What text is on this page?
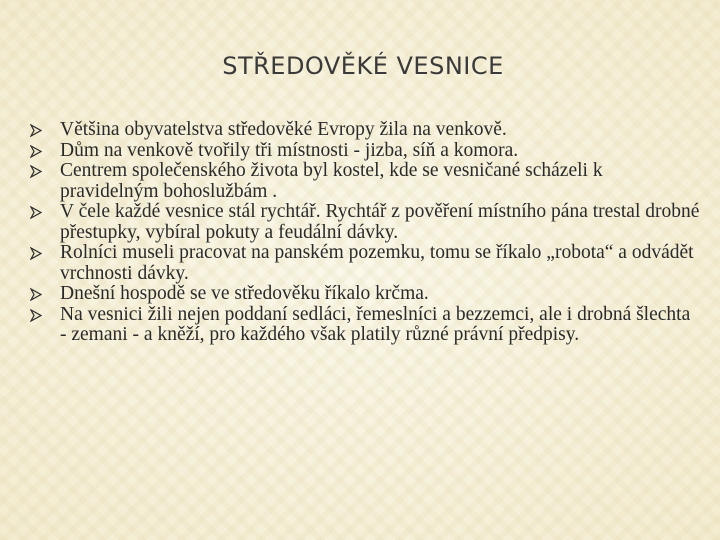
STŘEDOVĚKÉ VESNICE
Většina obyvatelstva středověké Evropy žila na venkově.
Dům na venkově tvořily tři místnosti - jizba, síň a komora.
Centrem společenského života byl kostel, kde se vesničané scházeli k pravidelným bohoslužbám .
V čele každé vesnice stál rychtář. Rychtář z pověření místního pána trestal drobné přestupky, vybíral pokuty a feudální dávky.
Rolníci museli pracovat na panském pozemku, tomu se říkalo „robota“ a odvádět vrchnosti dávky.
Dnešní hospodě se ve středověku říkalo krčma.
Na vesnici žili nejen poddaní sedláci, řemeslníci a bezzemci, ale i drobná šlechta - zemani - a kněží, pro každého však platily různé právní předpisy.
